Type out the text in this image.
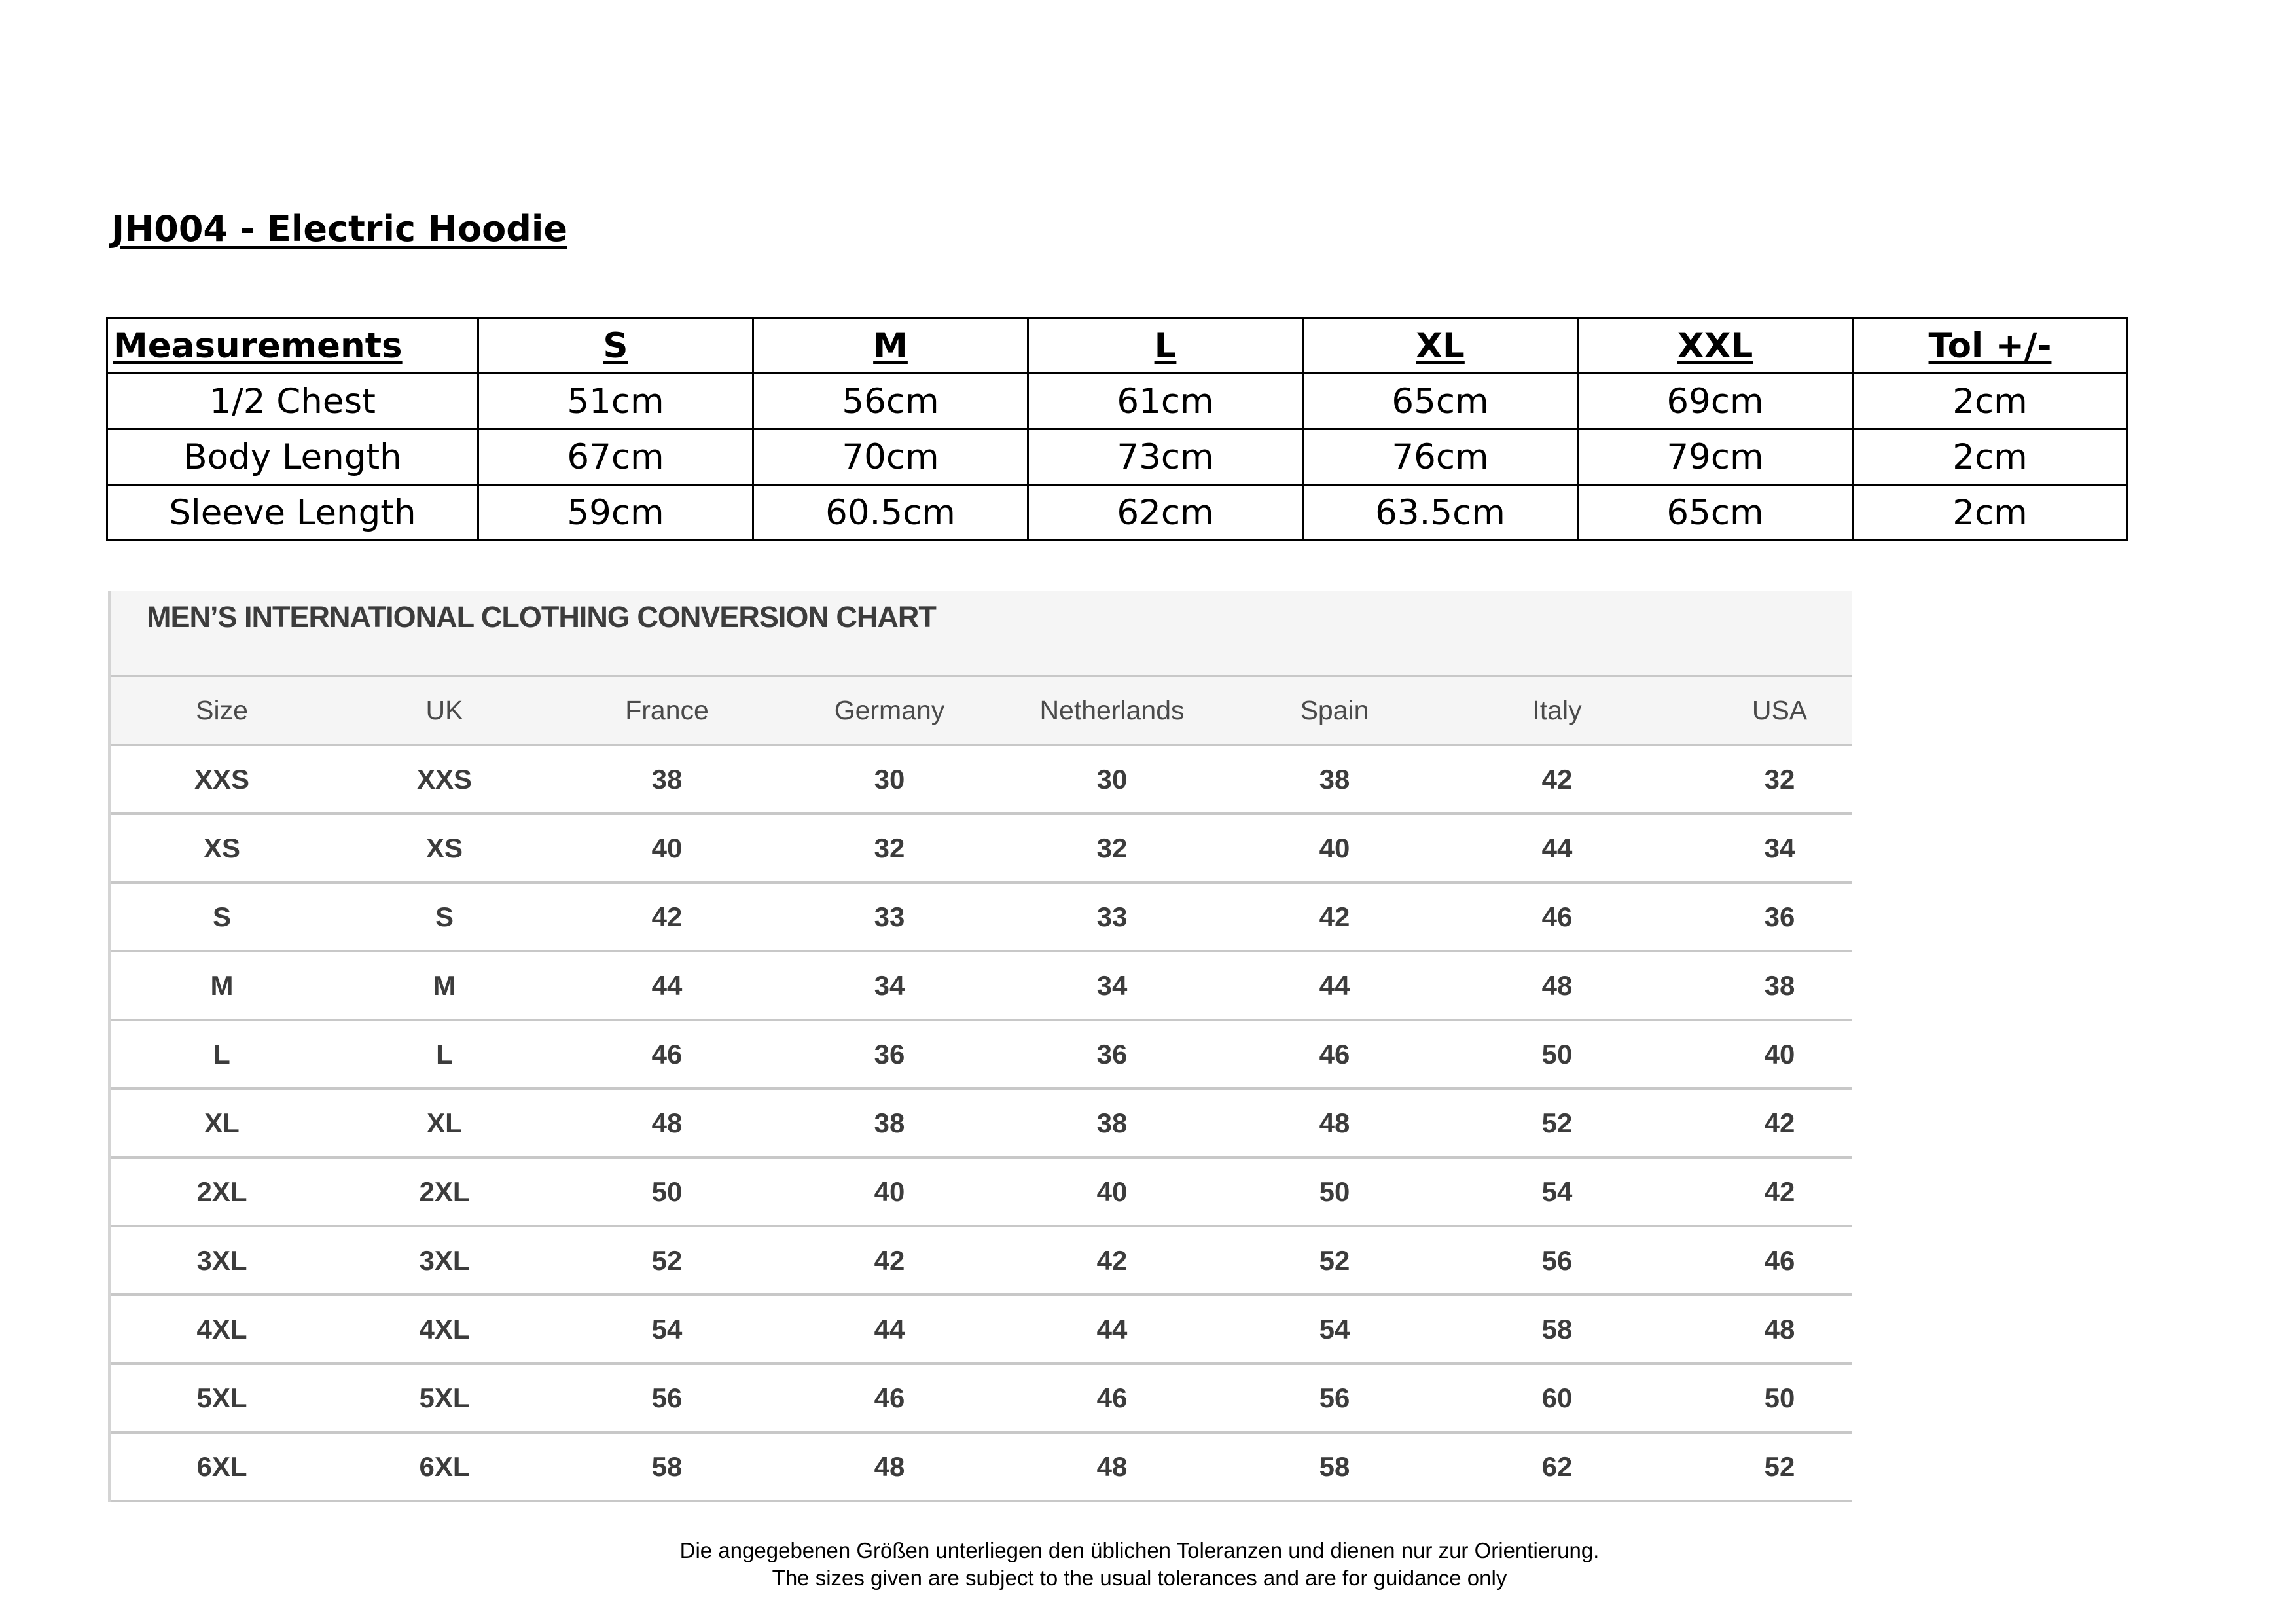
JH004 - Electric Hoodie
Measurements	S	M	L	XL	XXL	Tol +/-
1/2 Chest	51cm	56cm	61cm	65cm	69cm	2cm
Body Length	67cm	70cm	73cm	76cm	79cm	2cm
Sleeve Length	59cm	60.5cm	62cm	63.5cm	65cm	2cm
MEN’S INTERNATIONAL CLOTHING CONVERSION CHART
Size	UK	France	Germany	Netherlands	Spain	Italy	USA
XXS	XXS	38	30	30	38	42	32
XS	XS	40	32	32	40	44	34
S	S	42	33	33	42	46	36
M	M	44	34	34	44	48	38
L	L	46	36	36	46	50	40
XL	XL	48	38	38	48	52	42
2XL	2XL	50	40	40	50	54	42
3XL	3XL	52	42	42	52	56	46
4XL	4XL	54	44	44	54	58	48
5XL	5XL	56	46	46	56	60	50
6XL	6XL	58	48	48	58	62	52
Die angegebenen Größen unterliegen den üblichen Toleranzen und dienen nur zur Orientierung.
The sizes given are subject to the usual tolerances and are for guidance only
